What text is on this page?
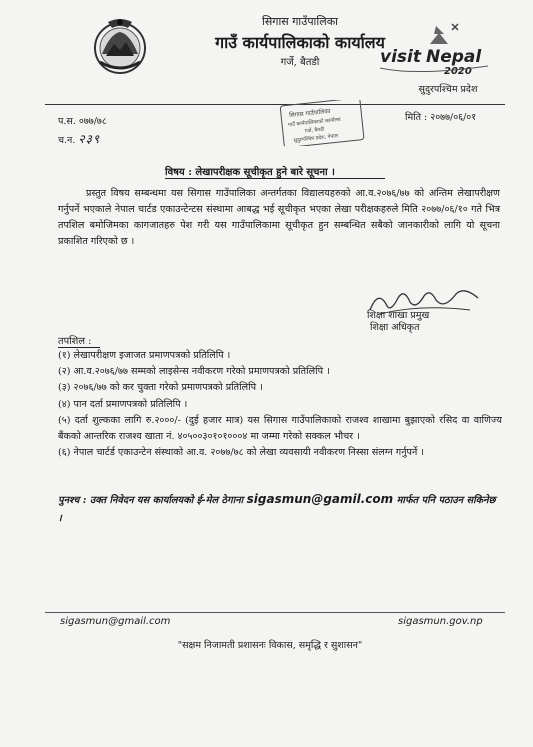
सिगास गाउँपालिका
गाउँ कार्यपालिकाको कार्यालय
गर्जे, बैतडी	visit Nepal
2020
सुदुरपश्चिम प्रदेश
प.स. ०७७/७८
च.न. २३९
मिति : २०७७/०६/०१
सिगास गाउँपालिका
गाउँ कार्यपालिकाको कार्यालय
गर्जे, बैतडी
सुदुरपश्चिम प्रदेश, नेपाल
विषय : लेखापरीक्षक सूचीकृत हुने बारे सूचना ।
प्रस्तुत विषय सम्बन्धमा यस सिगास गाउँपालिका अन्तर्गतका विद्यालयहरुको आ.व.२०७६/७७ को अन्तिम लेखापरीक्षण गर्नुपर्ने भएकाले नेपाल चार्टड एकाउन्टेन्टस संस्थामा आबद्ध भई सूचीकृत भएका लेखा परीक्षकहरुले मिति २०७७/०६/१० गते भित्र तपशिल बमोजिमका कागजातहरु पेश गरी यस गाउँपालिकामा सूचीकृत हुन सम्बन्धित सबैको जानकारीको लागि यो सूचना प्रकाशित गरिएको छ ।
शिक्षा शाखा प्रमुख
शिक्षा अधिकृत
तपशिल :
(१) लेखापरीक्षण इजाजत प्रमाणपत्रको प्रतिलिपि ।
(२) आ.व.२०७६/७७ सम्मको लाइसेन्स नवीकरण गरेको प्रमाणपत्रको प्रतिलिपि ।
(३) २०७६/७७ को कर चुक्ता गरेको प्रमाणपत्रको प्रतिलिपि ।
(४) पान दर्ता प्रमाणपत्रको प्रतिलिपि ।
(५) दर्ता शुल्कका लागि रु.२०००/- (दुई हजार मात्र) यस सिगास गाउँपालिकाको राजश्व शाखामा बुझाएको रसिद वा वाणिज्य बैंकको आन्तरिक राजश्व खाता नं. ४०५००३०१०१०००४ मा जम्मा गरेको सक्कल भौचर ।
(६) नेपाल चार्टर्ड एकाउन्टेन संस्थाको आ.व. २०७७/७८ को लेखा व्यवसायी नवीकरण निस्सा संलग्न गर्नुपर्ने ।
पुनश्च : उक्त निवेदन यस कार्यालयको ई-मेल ठेगाना sigasmun@gamil.com मार्फत पनि पठाउन सकिनेछ ।
sigasmun@gmail.com	sigasmun.gov.np
"सक्षम निजामती प्रशासनः विकास, समृद्धि र सुशासन"
